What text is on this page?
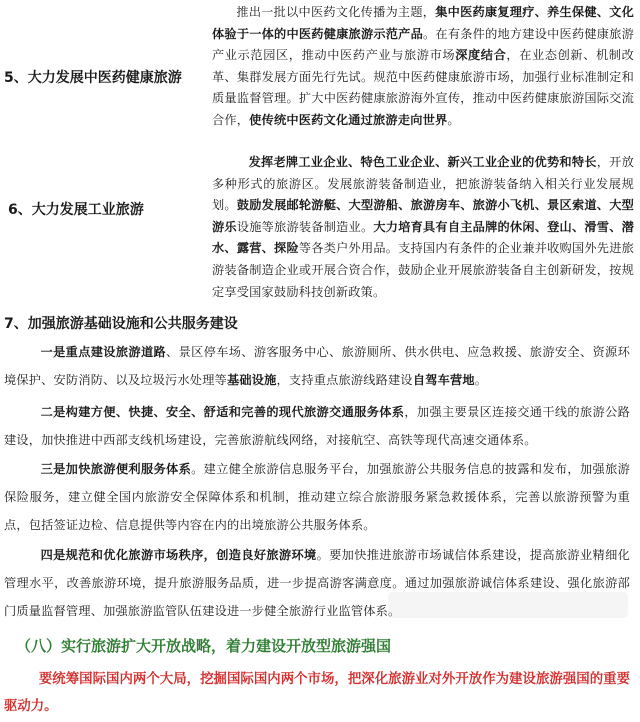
5、大力发展中医药健康旅游
推出一批以中医药文化传播为主题，集中医药康复理疗、养生保健、文化体验于一体的中医药健康旅游示范产品。在有条件的地方建设中医药健康旅游产业示范园区，推动中医药产业与旅游市场深度结合，在业态创新、机制改革、集群发展方面先行先试。规范中医药健康旅游市场，加强行业标准制定和质量监督管理。扩大中医药健康旅游海外宣传，推动中医药健康旅游国际交流合作，使传统中医药文化通过旅游走向世界。
6、大力发展工业旅游
发挥老牌工业企业、特色工业企业、新兴工业企业的优势和特长，开放多种形式的旅游区。发展旅游装备制造业，把旅游装备纳入相关行业发展规划。鼓励发展邮轮游艇、大型游船、旅游房车、旅游小飞机、景区索道、大型游乐设施等旅游装备制造业。大力培育具有自主品牌的休闲、登山、滑雪、潜水、露营、探险等各类户外用品。支持国内有条件的企业兼并收购国外先进旅游装备制造企业或开展合资合作，鼓励企业开展旅游装备自主创新研发，按规定享受国家鼓励科技创新政策。
7、加强旅游基础设施和公共服务建设
一是重点建设旅游道路、景区停车场、游客服务中心、旅游厕所、供水供电、应急救援、旅游安全、资源环境保护、安防消防、以及垃圾污水处理等基础设施，支持重点旅游线路建设自驾车营地。
二是构建方便、快捷、安全、舒适和完善的现代旅游交通服务体系，加强主要景区连接交通干线的旅游公路建设，加快推进中西部支线机场建设，完善旅游航线网络，对接航空、高铁等现代高速交通体系。
三是加快旅游便利服务体系。建立健全旅游信息服务平台，加强旅游公共服务信息的披露和发布，加强旅游保险服务，建立健全国内旅游安全保障体系和机制，推动建立综合旅游服务紧急救援体系，完善以旅游预警为重点，包括签证边检、信息提供等内容在内的出境旅游公共服务体系。
四是规范和优化旅游市场秩序，创造良好旅游环境。要加快推进旅游市场诚信体系建设，提高旅游业精细化管理水平，改善旅游环境，提升旅游服务品质，进一步提高游客满意度。通过加强旅游诚信体系建设、强化旅游部门质量监督管理、加强旅游监管队伍建设进一步健全旅游行业监管体系。
（八）实行旅游扩大开放战略，着力建设开放型旅游强国
要统筹国际国内两个大局，挖掘国际国内两个市场，把深化旅游业对外开放作为建设旅游强国的重要驱动力。
